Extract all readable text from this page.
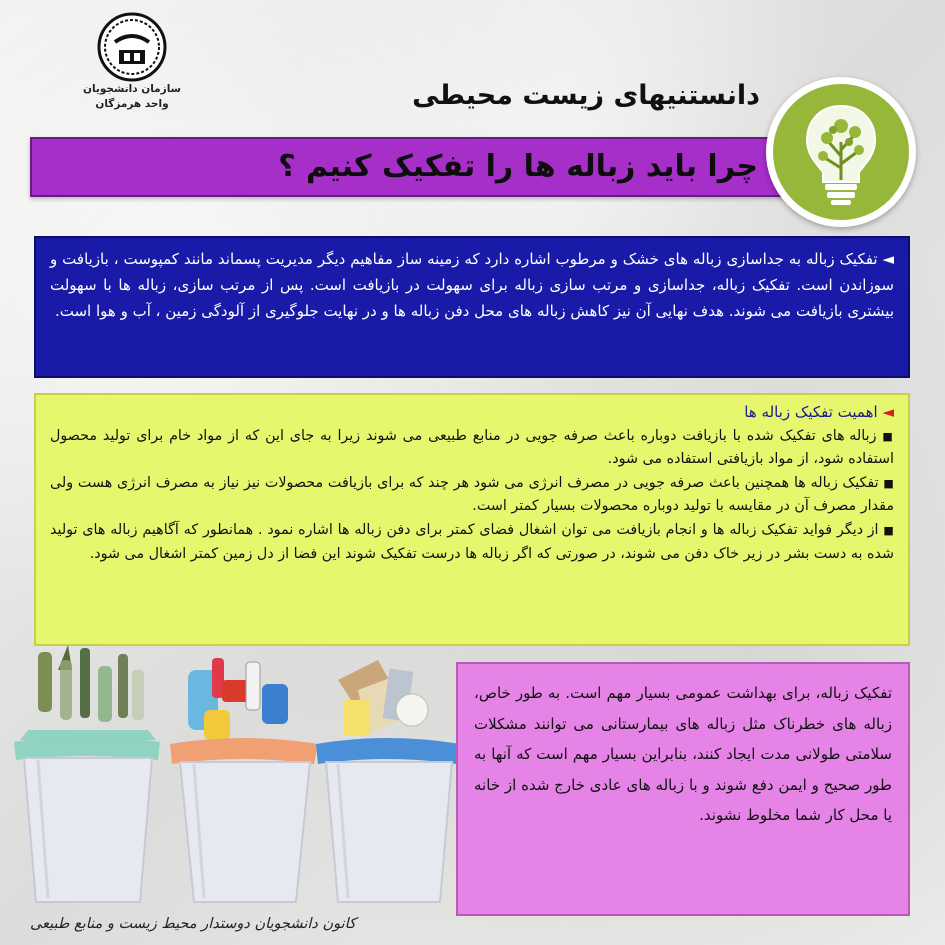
سازمان دانشجویان
واحد هرمزگان	دانستنیهای زیست محیطی
چرا باید زباله ها را تفکیک کنیم ؟
◄ تفکیک زباله به جداسازی زباله های خشک و مرطوب اشاره دارد که زمینه ساز مفاهیم دیگر مدیریت پسماند مانند کمپوست ، بازیافت و سوزاندن است. تفکیک زباله، جداسازی و مرتب سازی زباله برای سهولت در بازیافت است. پس از مرتب سازی، زباله ها با سهولت بیشتری بازیافت می شوند. هدف نهایی آن نیز کاهش زباله های محل دفن زباله ها و در نهایت جلوگیری از آلودگی زمین ، آب و هوا است.
◄ اهمیت تفکیک زباله ها
■ زباله های تفکیک شده با بازیافت دوباره باعث صرفه جویی در منابع طبیعی می شوند زیرا به جای این که از مواد خام برای تولید محصول استفاده شود، از مواد بازیافتی استفاده می شود.
■ تفکیک زباله ها همچنین باعث صرفه جویی در مصرف انرژی می شود هر چند که برای بازیافت محصولات نیز نیاز به مصرف انرژی هست ولی مقدار مصرف آن در مقایسه با تولید دوباره محصولات بسیار کمتر است.
■ از دیگر فواید تفکیک زباله ها و انجام بازیافت می توان اشغال فضای کمتر برای دفن زباله ها اشاره نمود . همانطور که آگاهیم زباله های تولید شده به دست بشر در زیر خاک دفن می شوند، در صورتی که اگر زباله ها درست تفکیک شوند این فضا از دل زمین کمتر اشغال می شود.
تفکیک زباله، برای بهداشت عمومی بسیار مهم است. به طور خاص، زباله های خطرناک مثل زباله های بیمارستانی می توانند مشکلات سلامتی طولانی مدت ایجاد کنند، بنابراین بسیار مهم است که آنها به طور صحیح و ایمن دفع شوند و با زباله های عادی خارج شده از خانه یا محل کار شما مخلوط نشوند.
کانون دانشجویان دوستدار محیط زیست و منابع طبیعی
